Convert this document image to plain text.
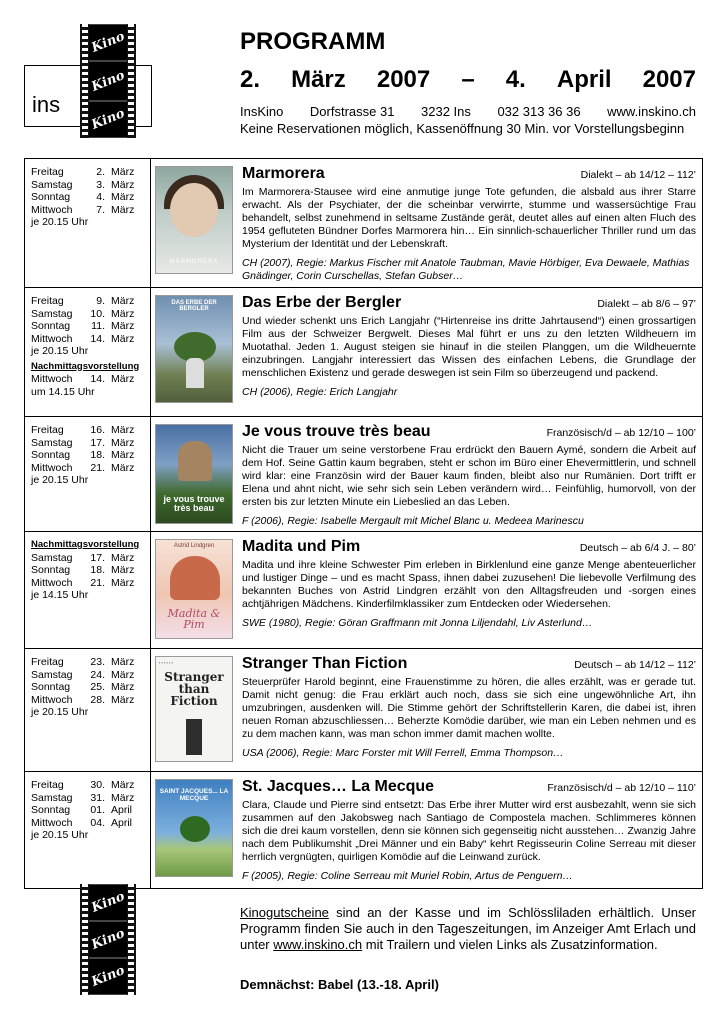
Kino
Kino
Kino
ins
PROGRAMM
2. März 2007 – 4. April 2007
InsKino Dorfstrasse 31 3232 Ins 032 313 36 36 www.inskino.ch
Keine Reservationen möglich, Kassenöffnung 30 Min. vor Vorstellungsbeginn
Freitag	2. März
Samstag	3. März
Sonntag	4. März
Mittwoch	7. März
je 20.15 Uhr
MARMORERA
Marmorera	Dialekt – ab 14/12 – 112’
Im Marmorera-Stausee wird eine anmutige junge Tote gefunden, die alsbald aus ihrer Starre erwacht. Als der Psychiater, der die scheinbar verwirrte, stumme und wassersüchtige Frau behandelt, selbst zunehmend in seltsame Zustände gerät, deutet alles auf einen alten Fluch des 1954 gefluteten Bündner Dorfes Marmorera hin… Ein sinnlich-schauerlicher Thriller rund um das Mysterium der Identität und der Lebenskraft.
CH (2007), Regie: Markus Fischer mit Anatole Taubman, Mavie Hörbiger, Eva Dewaele, Mathias Gnädinger, Corin Curschellas, Stefan Gubser…
Freitag	9. März
Samstag	10. März
Sonntag	11. März
Mittwoch	14. März
je 20.15 Uhr
Nachmittagsvorstellung
Mittwoch	14. März
um 14.15 Uhr
DAS ERBE DER BERGLER	Das Erbe der Bergler	Dialekt – ab 8/6 – 97’
Und wieder schenkt uns Erich Langjahr (“Hirtenreise ins dritte Jahrtausend“) einen grossartigen Film aus der Schweizer Bergwelt. Dieses Mal führt er uns zu den letzten Wildheuern im Muotathal. Jeden 1. August steigen sie hinauf in die steilen Planggen, um die Wildheuernte einzubringen. Langjahr interessiert das Wissen des einfachen Lebens, die Grundlage der menschlichen Existenz und gerade deswegen ist sein Film so überzeugend und packend.
CH (2006), Regie: Erich Langjahr
Freitag	16. März
Samstag	17. März
Sonntag	18. März
Mittwoch	21. März
je 20.15 Uhr
je vous trouve très beau
Je vous trouve très beau	Französisch/d – ab 12/10 – 100’
Nicht die Trauer um seine verstorbene Frau erdrückt den Bauern Aymé, sondern die Arbeit auf dem Hof. Seine Gattin kaum begraben, steht er schon im Büro einer Ehevermittlerin, und schnell wird klar: eine Französin wird der Bauer kaum finden, bleibt also nur Rumänien. Dort trifft er Elena und ahnt nicht, wie sehr sich sein Leben verändern wird… Feinfühlig, humorvoll, von der ersten bis zur letzten Minute ein Liebeslied an das Leben.
F (2006), Regie: Isabelle Mergault mit Michel Blanc u. Medeea Marinescu
Nachmittagsvorstellung
Samstag	17. März
Sonntag	18. März
Mittwoch	21. März
je 14.15 Uhr
Astrid Lindgren
Madita & Pim
Madita und Pim	Deutsch – ab 6/4 J. – 80’
Madita und ihre kleine Schwester Pim erleben in Birklenlund eine ganze Menge abenteuerlicher und lustiger Dinge – und es macht Spass, ihnen dabei zuzusehen! Die liebevolle Verfilmung des bekannten Buches von Astrid Lindgren erzählt von den Alltagsfreuden und -sorgen eines achtjährigen Mädchens. Kinderfilmklassiker zum Entdecken oder Wiedersehen.
SWE (1980), Regie: Göran Graffmann mit Jonna Liljendahl, Liv Asterlund…
Freitag	23. März
Samstag	24. März
Sonntag	25. März
Mittwoch	28. März
je 20.15 Uhr
▪ ▪ ▪ ▪ ▪ ▪
Stranger than Fiction
Stranger Than Fiction	Deutsch – ab 14/12 – 112’
Steuerprüfer Harold beginnt, eine Frauenstimme zu hören, die alles erzählt, was er gerade tut. Damit nicht genug: die Frau erklärt auch noch, dass sie sich eine ungewöhnliche Art, ihn umzubringen, ausdenken will. Die Stimme gehört der Schriftstellerin Karen, die dabei ist, ihren neuen Roman abzuschliessen… Beherzte Komödie darüber, wie man ein Leben nehmen und es zu dem machen kann, was man schon immer damit machen wollte.
USA (2006), Regie: Marc Forster mit Will Ferrell, Emma Thompson…
Freitag	30. März
Samstag	31. März
Sonntag	01. April
Mittwoch	04. April
je 20.15 Uhr
SAINT JACQUES... LA MECQUE
St. Jacques… La Mecque	Französisch/d – ab 12/10 – 110’
Clara, Claude und Pierre sind entsetzt: Das Erbe ihrer Mutter wird erst ausbezahlt, wenn sie sich zusammen auf den Jakobsweg nach Santiago de Compostela machen. Schlimmeres können sich die drei kaum vorstellen, denn sie können sich gegenseitig nicht ausstehen… Zwanzig Jahre nach dem Publikumshit „Drei Männer und ein Baby“ kehrt Regisseurin Coline Serreau mit dieser herrlich vergnügten, quirligen Komödie auf die Leinwand zurück.
F (2005), Regie: Coline Serreau mit Muriel Robin, Artus de Penguern…
Kino
Kino
Kino
Kinogutscheine sind an der Kasse und im Schlössliladen erhältlich. Unser Programm finden Sie auch in den Tageszeitungen, im Anzeiger Amt Erlach und unter www.inskino.ch mit Trailern und vielen Links als Zusatzinformation.
Demnächst: Babel (13.-18. April)
